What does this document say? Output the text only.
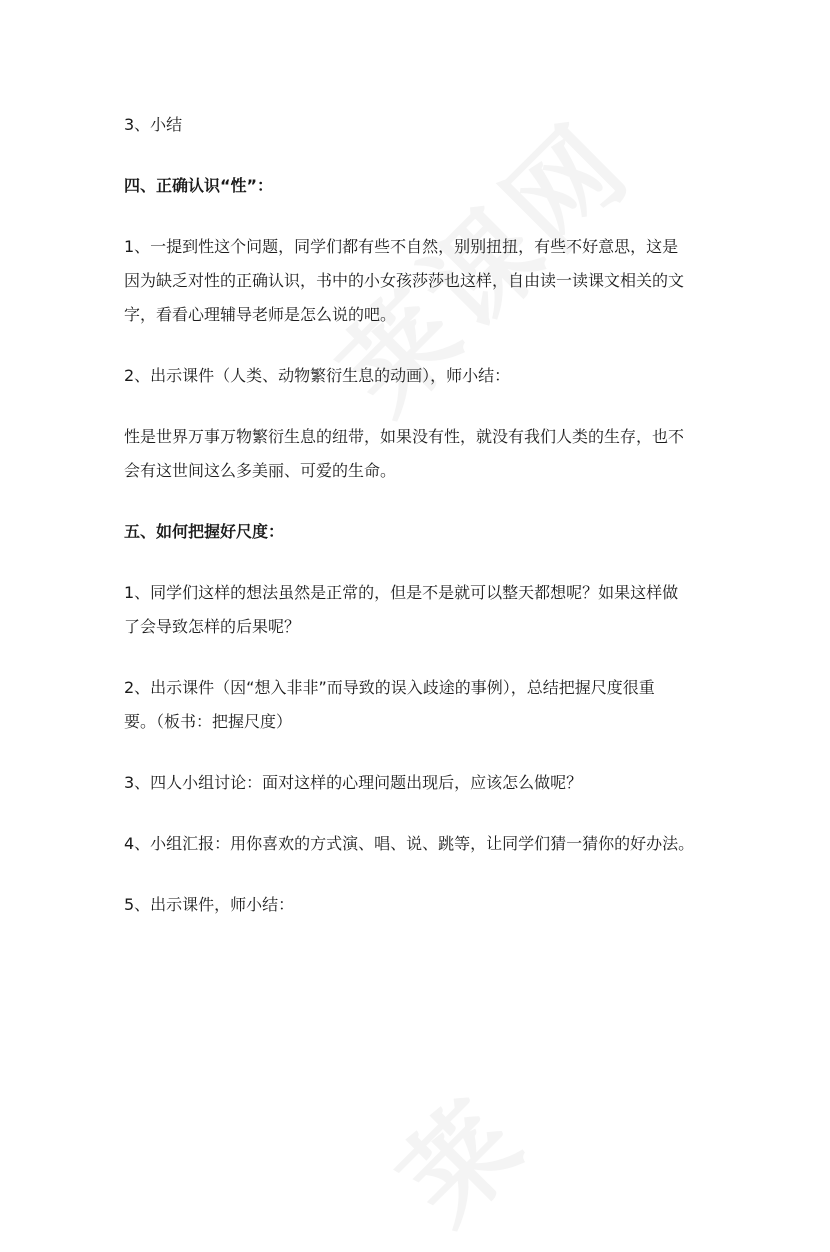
3、小结
四、正确认识“性”：
1、一提到性这个问题，同学们都有些不自然，别别扭扭，有些不好意思，这是
因为缺乏对性的正确认识，书中的小女孩莎莎也这样，自由读一读课文相关的文
字，看看心理辅导老师是怎么说的吧。
2、出示课件（人类、动物繁衍生息的动画），师小结：
性是世界万事万物繁衍生息的纽带，如果没有性，就没有我们人类的生存，也不
会有这世间这么多美丽、可爱的生命。
五、如何把握好尺度：
1、同学们这样的想法虽然是正常的，但是不是就可以整天都想呢？如果这样做
了会导致怎样的后果呢？
2、出示课件（因“想入非非”而导致的误入歧途的事例），总结把握尺度很重
要。（板书：把握尺度）
3、四人小组讨论：面对这样的心理问题出现后，应该怎么做呢？
4、小组汇报：用你喜欢的方式演、唱、说、跳等，让同学们猜一猜你的好办法。
5、出示课件，师小结：
